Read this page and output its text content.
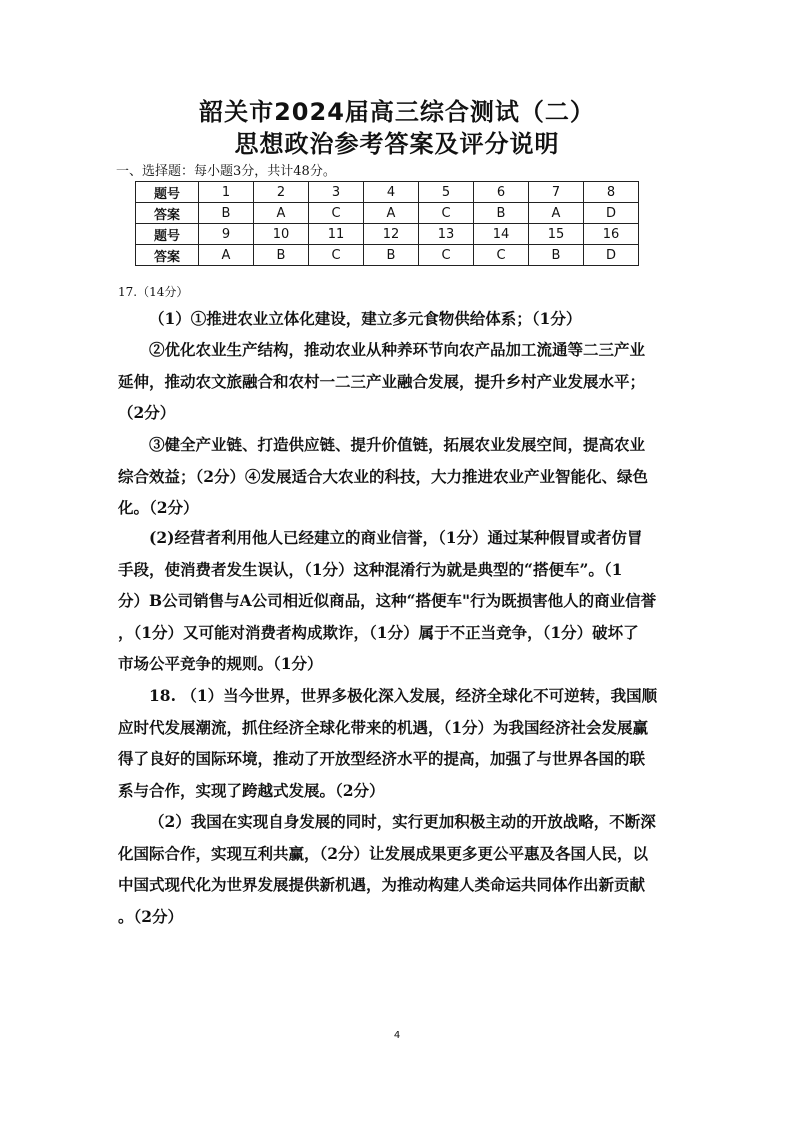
韶关市2024届高三综合测试（二）
思想政治参考答案及评分说明
一、选择题：每小题3分，共计48分。
题号	1	2	3	4	5	6	7	8
答案	B	A	C	A	C	B	A	D
题号	9	10	11	12	13	14	15	16
答案	A	B	C	B	C	C	B	D
17.（14分）
（1）①推进农业立体化建设，建立多元食物供给体系；（1分）
②优化农业生产结构，推动农业从种养环节向农产品加工流通等二三产业
延伸，推动农文旅融合和农村一二三产业融合发展，提升乡村产业发展水平；
（2分）
③健全产业链、打造供应链、提升价值链，拓展农业发展空间，提高农业
综合效益；（2分）④发展适合大农业的科技，大力推进农业产业智能化、绿色
化。（2分）
(2)经营者利用他人已经建立的商业信誉，（1分）通过某种假冒或者仿冒
手段，使消费者发生误认，（1分）这种混淆行为就是典型的“搭便车”。（1
分）B公司销售与A公司相近似商品，这种“搭便车"行为既损害他人的商业信誉
，（1分）又可能对消费者构成欺诈，（1分）属于不正当竞争，（1分）破坏了
市场公平竞争的规则。（1分）
18. （1）当今世界，世界多极化深入发展，经济全球化不可逆转，我国顺
应时代发展潮流，抓住经济全球化带来的机遇，（1分）为我国经济社会发展赢
得了良好的国际环境，推动了开放型经济水平的提高，加强了与世界各国的联
系与合作，实现了跨越式发展。（2分）
（2）我国在实现自身发展的同时，实行更加积极主动的开放战略，不断深
化国际合作，实现互利共赢，（2分）让发展成果更多更公平惠及各国人民，以
中国式现代化为世界发展提供新机遇，为推动构建人类命运共同体作出新贡献
。（2分）
4
